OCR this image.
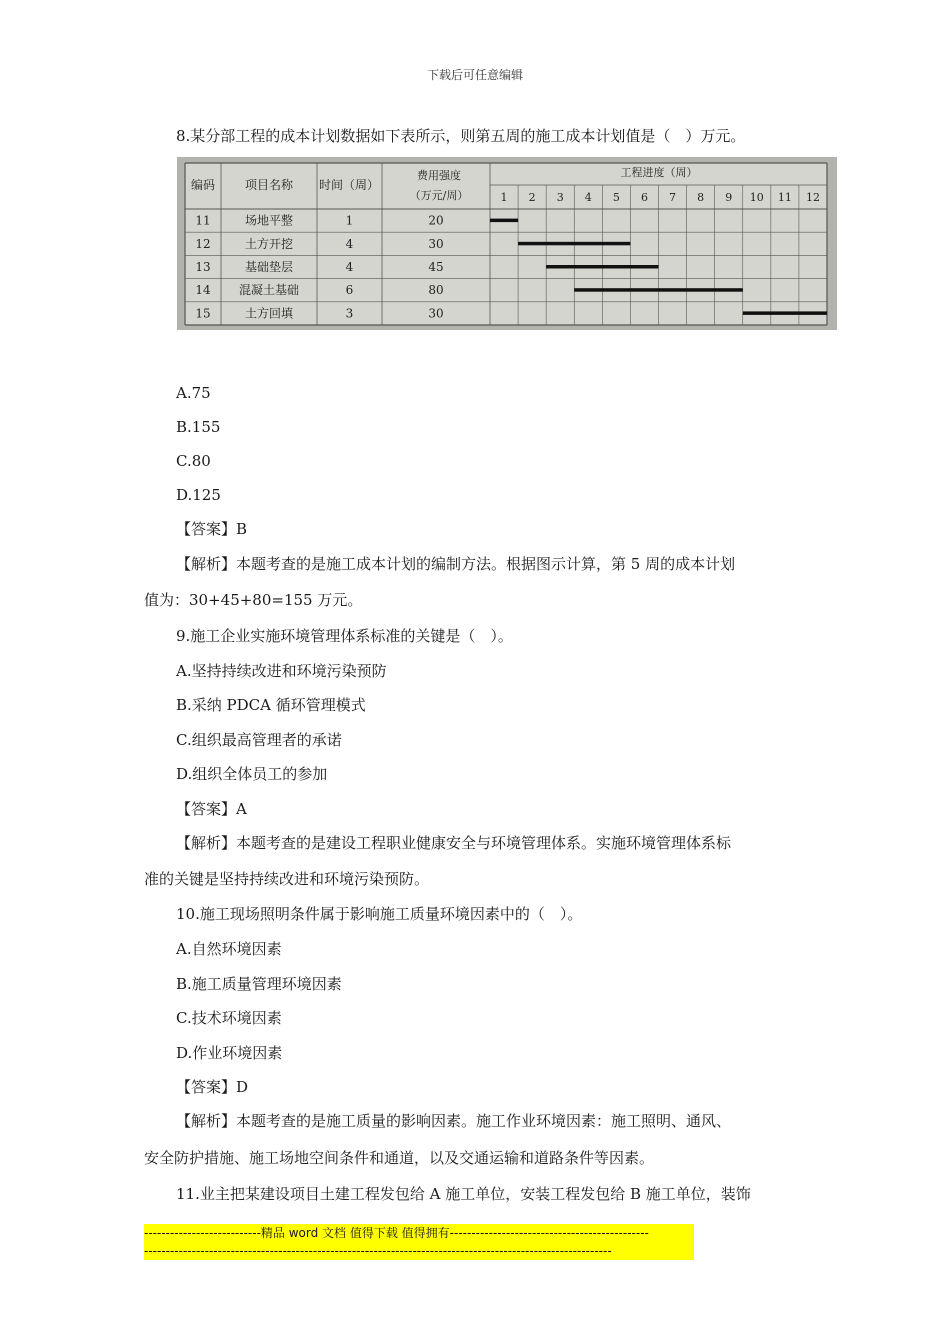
下载后可任意编辑
8.某分部工程的成本计划数据如下表所示，则第五周的施工成本计划值是（　）万元。
编码 项目名称 时间（周）
费用强度
（万元/周）
工程进度（周）
1 2 3 4 5 6 7 8 9 10 11 12
11	场地平整	1	20
12	土方开挖	4	30
13	基础垫层	4	45
14 混凝土基础	6	80
15	土方回填	3	30
A.75
B.155
C.80
D.125
【答案】B
【解析】本题考查的是施工成本计划的编制方法。根据图示计算，第 5 周的成本计划
值为：30+45+80=155 万元。
9.施工企业实施环境管理体系标准的关键是（　）。
A.坚持持续改进和环境污染预防
B.采纳 PDCA 循环管理模式
C.组织最高管理者的承诺
D.组织全体员工的参加
【答案】A
【解析】本题考查的是建设工程职业健康安全与环境管理体系。实施环境管理体系标
准的关键是坚持持续改进和环境污染预防。
10.施工现场照明条件属于影响施工质量环境因素中的（　）。
A.自然环境因素
B.施工质量管理环境因素
C.技术环境因素
D.作业环境因素
【答案】D
【解析】本题考查的是施工质量的影响因素。施工作业环境因素：施工照明、通风、
安全防护措施、施工场地空间条件和通道，以及交通运输和道路条件等因素。
11.业主把某建设项目土建工程发包给 A 施工单位，安装工程发包给 B 施工单位，装饰
---------------------------精品 word 文档 值得下载 值得拥有----------------------------------------------
------------------------------------------------------------------------------------------------------------
